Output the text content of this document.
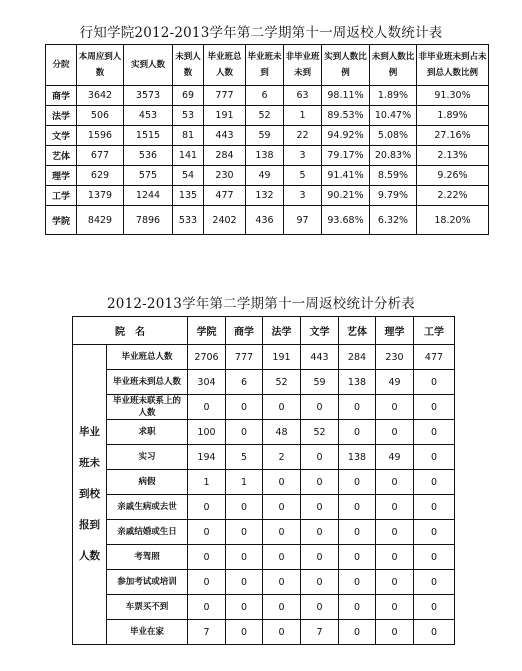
行知学院2012-2013学年第二学期第十一周返校人数统计表
分院	本周应到人数	实到人数	未到人数	毕业班总人数	毕业班未到	非毕业班未到	实到人数比例	未到人数比例	非毕业班未到占未到总人数比例
商学	3642	3573	69	777	6	63	98.11%	1.89%	91.30%
法学	506	453	53	191	52	1	89.53%	10.47%	1.89%
文学	1596	1515	81	443	59	22	94.92%	5.08%	27.16%
艺体	677	536	141	284	138	3	79.17%	20.83%	2.13%
理学	629	575	54	230	49	5	91.41%	8.59%	9.26%
工学	1379	1244	135	477	132	3	90.21%	9.79%	2.22%
学院	8429	7896	533	2402	436	97	93.68%	6.32%	18.20%
2012-2013学年第二学期第十一周返校统计分析表
院　名		学院	商学	法学	文学	艺体	理学	工学

毕业
班未
到校
报到
人数	毕业班总人数	2706	777	191	443	284	230	477
	毕业班未到总人数	304	6	52	59	138	49	0
	毕业班未联系上的人数	0	0	0	0	0	0	0
	求职	100	0	48	52	0	0	0
	实习	194	5	2	0	138	49	0
	病假	1	1	0	0	0	0	0
	亲戚生病或去世	0	0	0	0	0	0	0
	亲戚结婚或生日	0	0	0	0	0	0	0
	考驾照	0	0	0	0	0	0	0
	参加考试或培训	0	0	0	0	0	0	0
	车票买不到	0	0	0	0	0	0	0
	毕业在家	7	0	0	7	0	0	0
